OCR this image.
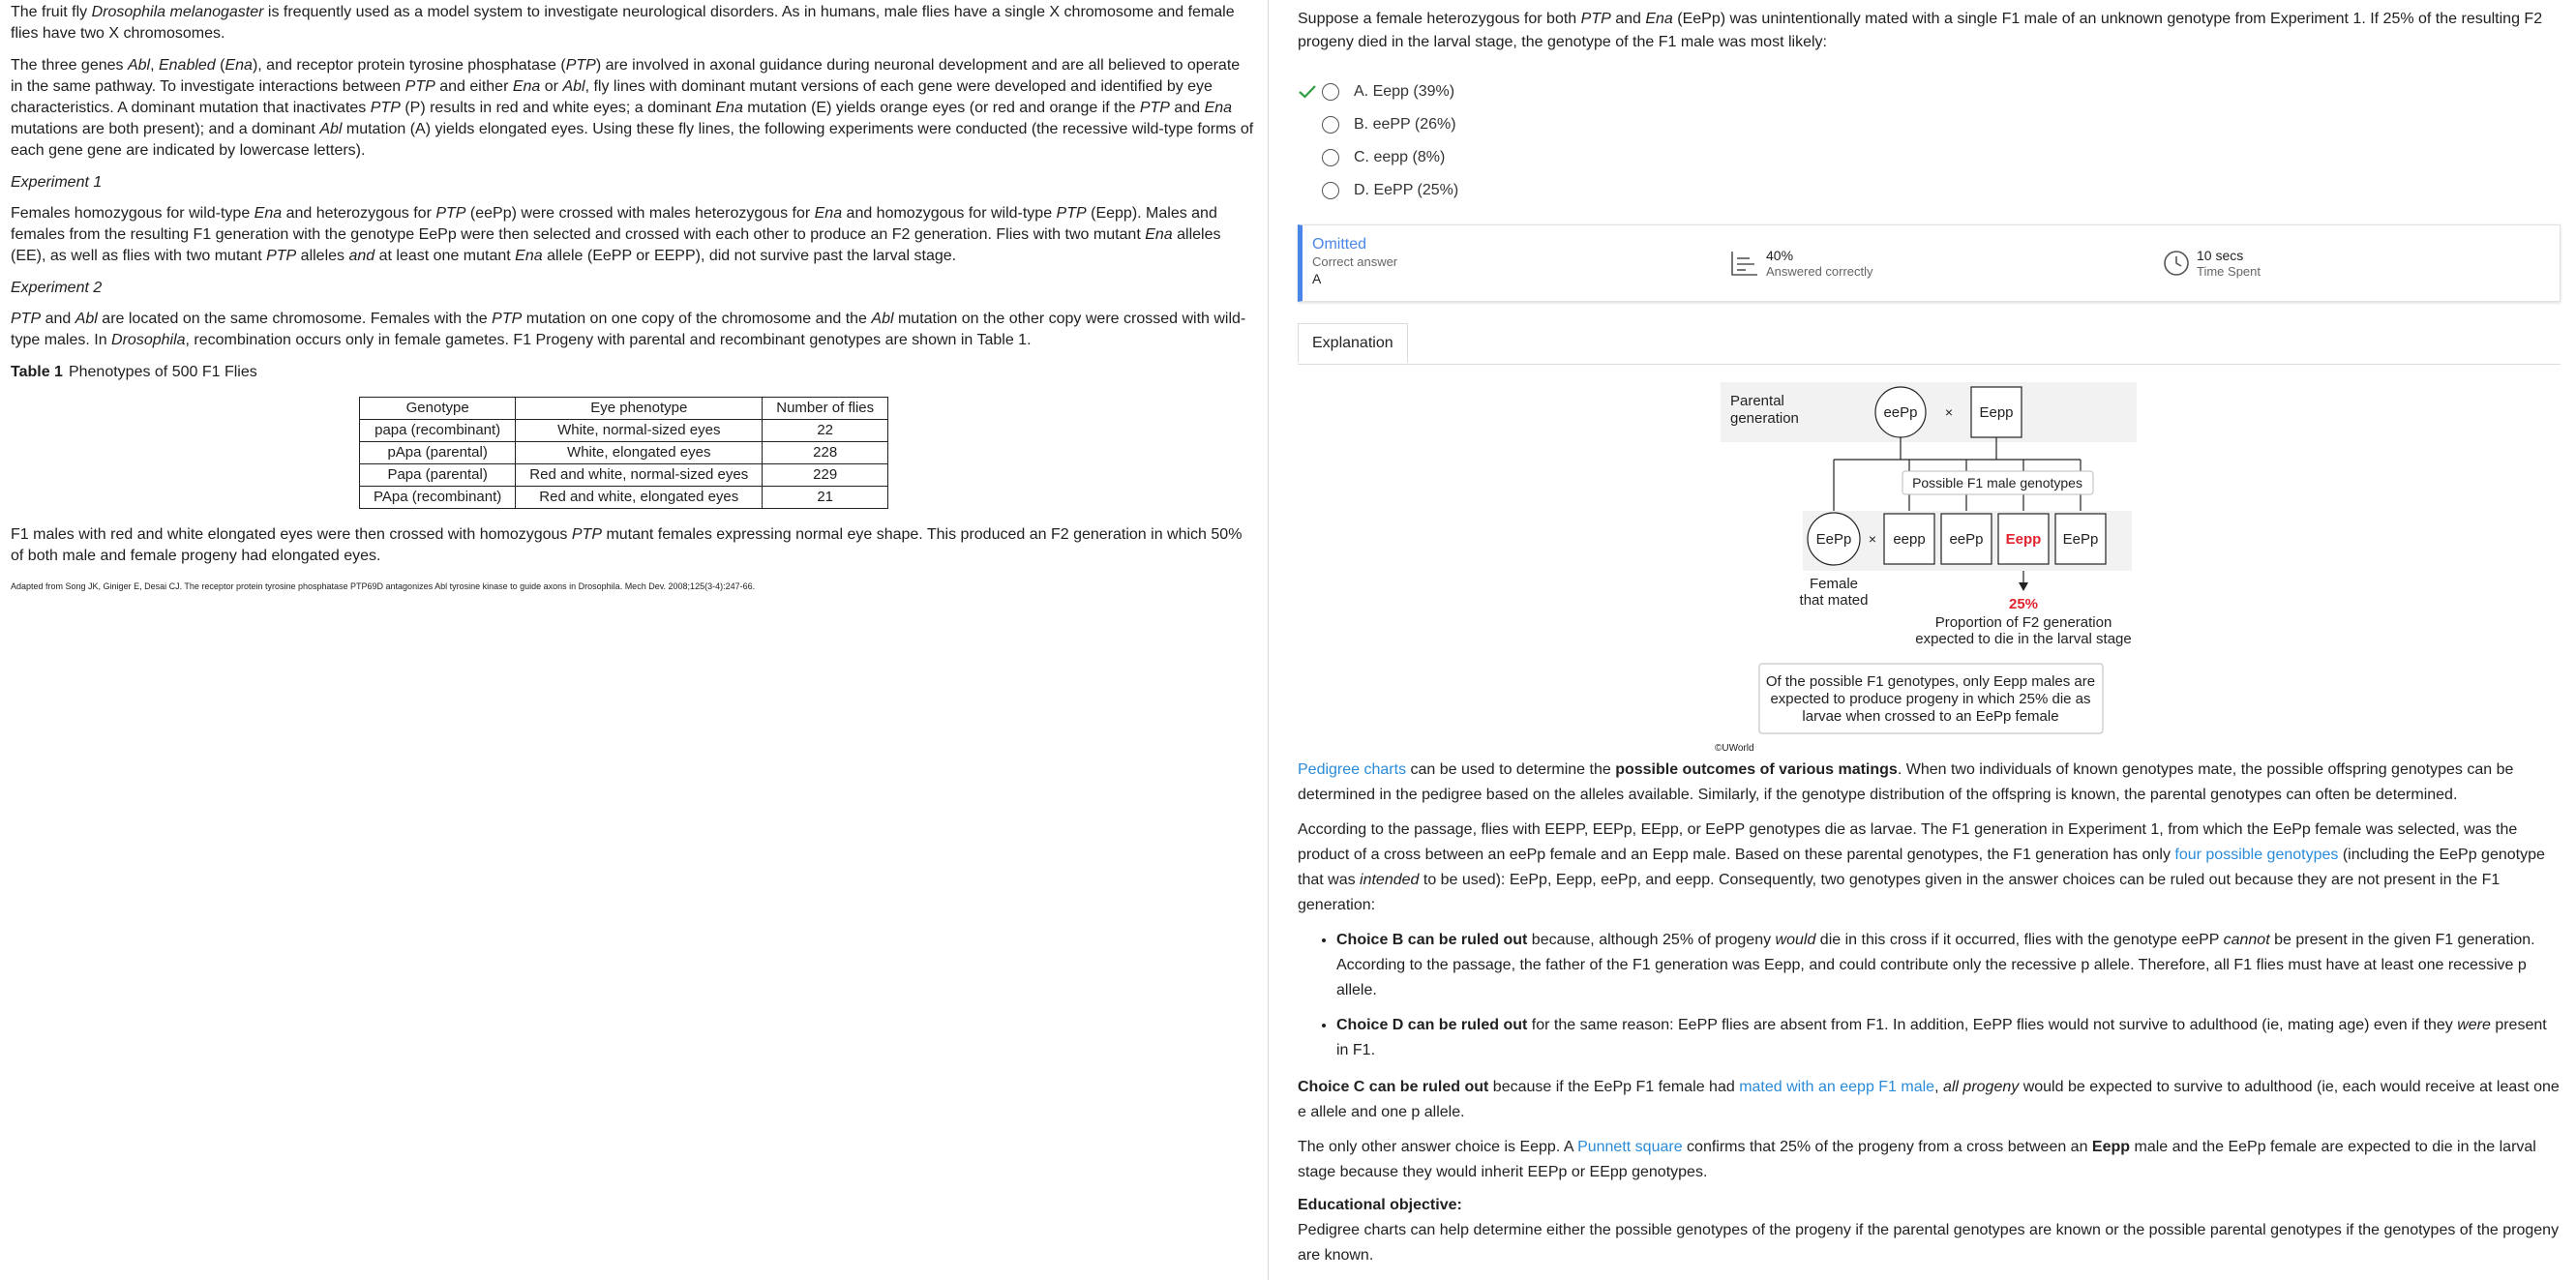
The fruit fly Drosophila melanogaster is frequently used as a model system to investigate neurological disorders. As in humans, male flies have a single X chromosome and female flies have two X chromosomes.

The three genes Abl, Enabled (Ena), and receptor protein tyrosine phosphatase (PTP) are involved in axonal guidance during neuronal development and are all believed to operate in the same pathway. To investigate interactions between PTP and either Ena or Abl, fly lines with dominant mutant versions of each gene were developed and identified by eye characteristics. A dominant mutation that inactivates PTP (P) results in red and white eyes; a dominant Ena mutation (E) yields orange eyes (or red and orange if the PTP and Ena mutations are both present); and a dominant Abl mutation (A) yields elongated eyes. Using these fly lines, the following experiments were conducted (the recessive wild-type forms of each gene gene are indicated by lowercase letters).

Experiment 1

Females homozygous for wild-type Ena and heterozygous for PTP (eePp) were crossed with males heterozygous for Ena and homozygous for wild-type PTP (Eepp). Males and females from the resulting F1 generation with the genotype EePp were then selected and crossed with each other to produce an F2 generation. Flies with two mutant Ena alleles (EE), as well as flies with two mutant PTP alleles and at least one mutant Ena allele (EePP or EEPP), did not survive past the larval stage.

Experiment 2

PTP and Abl are located on the same chromosome. Females with the PTP mutation on one copy of the chromosome and the Abl mutation on the other copy were crossed with wild-type males. In Drosophila, recombination occurs only in female gametes. F1 Progeny with parental and recombinant genotypes are shown in Table 1.

Table 1 Phenotypes of 500 F1 Flies
Genotype	Eye phenotype	Number of flies
papa (recombinant)	White, normal-sized eyes	22
pApa (parental)	White, elongated eyes	228
Papa (parental)	Red and white, normal-sized eyes	229
PApa (recombinant)	Red and white, elongated eyes	21

F1 males with red and white elongated eyes were then crossed with homozygous PTP mutant females expressing normal eye shape. This produced an F2 generation in which 50% of both male and female progeny had elongated eyes.

Adapted from Song JK, Giniger E, Desai CJ. The receptor protein tyrosine phosphatase PTP69D antagonizes Abl tyrosine kinase to guide axons in Drosophila. Mech Dev. 2008;125(3-4):247-66.

Suppose a female heterozygous for both PTP and Ena (EePp) was unintentionally mated with a single F1 male of an unknown genotype from Experiment 1. If 25% of the resulting F2 progeny died in the larval stage, the genotype of the F1 male was most likely:

A. Eepp (39%)
B. eePP (26%)
C. eepp (8%)
D. EePP (25%)
Omitted
Correct answer
A
40%
Answered correctly
10 secs
Time Spent
Explanation
Parental
generation	eePp × Eepp
Possible F1 male genotypes
EePp × eepp eePp Eepp EePp
Female
that mated	25%
Proportion of F2 generation
expected to die in the larval stage
Of the possible F1 genotypes, only Eepp males are
expected to produce progeny in which 25% die as
larvae when crossed to an EePp female
©UWorld

Pedigree charts can be used to determine the possible outcomes of various matings. When two individuals of known genotypes mate, the possible offspring genotypes can be determined in the pedigree based on the alleles available. Similarly, if the genotype distribution of the offspring is known, the parental genotypes can often be determined.

According to the passage, flies with EEPP, EEPp, EEpp, or EePP genotypes die as larvae. The F1 generation in Experiment 1, from which the EePp female was selected, was the product of a cross between an eePp female and an Eepp male. Based on these parental genotypes, the F1 generation has only four possible genotypes (including the EePp genotype that was intended to be used): EePp, Eepp, eePp, and eepp. Consequently, two genotypes given in the answer choices can be ruled out because they are not present in the F1 generation:

• Choice B can be ruled out because, although 25% of progeny would die in this cross if it occurred, flies with the genotype eePP cannot be present in the given F1 generation. According to the passage, the father of the F1 generation was Eepp, and could contribute only the recessive p allele. Therefore, all F1 flies must have at least one recessive p allele.
• Choice D can be ruled out for the same reason: EePP flies are absent from F1. In addition, EePP flies would not survive to adulthood (ie, mating age) even if they were present in F1.

Choice C can be ruled out because if the EePp F1 female had mated with an eepp F1 male, all progeny would be expected to survive to adulthood (ie, each would receive at least one e allele and one p allele.

The only other answer choice is Eepp. A Punnett square confirms that 25% of the progeny from a cross between an Eepp male and the EePp female are expected to die in the larval stage because they would inherit EEPp or EEpp genotypes.

Educational objective:

Pedigree charts can help determine either the possible genotypes of the progeny if the parental genotypes are known or the possible parental genotypes if the genotypes of the progeny are known.
